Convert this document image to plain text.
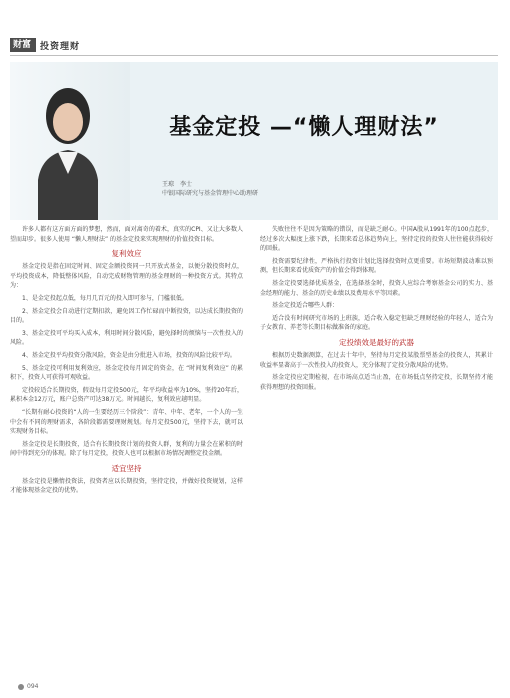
财富	投资理财
基金定投 —“懒人理财法”
王琼　李士
中银国际研究与基金管理中心助理研

许多人都有这方面方面的梦想，然而，面对离奇的着术，真实的CPI、又让大多数人望而却步。很多人使用 “懒人理财法” 的基金定投来实现理财的价值投资目标。

复利效应

基金定投是指在固定时间、固定金额投资同一只开放式基金，以便分散投资时点，平均投资成本，降低整体风险，自动完成财物管理的基金理财的一种投资方式。其特点为：

1、是金定投起点低，每月几百元的投入即可参与，门槛很低。

2、基金定投会自动进行定期扣款，避免因工作忙碌而中断投资，以达成长期投资的目的。

3、基金定投可平均买入成本，利用时间分散风险，避免择时的烦恼与一次性投入的风险。

4、基金定投平均投资分散风险，资金是由分批进入市场，投资的风险比较平均。

5、基金定投可利用复利效应，基金定投每月固定的资金，在 “时间复利效应” 的累积下，投资人可获得可观收益。

定投较适合长期投资，假设每月定投500元，年平均收益率为10%，坚持20年后，累积本金12万元，账户总资产可达38万元。时间越长，复利效应越明显。

“长期有耐心投资的“人的一生要经历三个阶段”：青年、中年、老年，一个人的一生中会有不同的理财需求，各阶段都需要理财规划。每月定投500元，坚持下去，就可以实现财务目标。

基金定投是长期投资，适合有长期投资计划的投资人群，复利的力量会在累积的时间中得到充分的体现。除了每月定投，投资人也可以根据市场情况调整定投金额。

适宜坚持

基金定投是懒惰投资法，投资者应以长期投资，坚持定投，并做好投资规划，这样才能体现基金定投的优势。

失败往往不是因为策略的错误，而是缺乏耐心。中国A股从1991年的100点起步，经过多次大幅度上涨下跌，长期来看总体趋势向上，坚持定投的投资人往往能获得较好的回报。

投资需要纪律性，严格执行投资计划比选择投资时点更重要。市场短期波动难以预测，但长期来看优质资产的价值会得到体现。

基金定投要选择优质基金，在选择基金时，投资人应综合考察基金公司的实力、基金经理的能力、基金的历史业绩以及费用水平等因素。

基金定投适合哪些人群：

适合没有时间研究市场的上班族，适合收入稳定但缺乏理财经验的年轻人，适合为子女教育、养老等长期目标做准备的家庭。

定投绩效是最好的武器

根据历史数据测算，在过去十年中，坚持每月定投某股票型基金的投资人，其累计收益率显著高于一次性投入的投资人，充分体现了定投分散风险的优势。

基金定投应定期检视，在市场高点适当止盈，在市场低点坚持定投，长期坚持才能获得理想的投资回报。

094
